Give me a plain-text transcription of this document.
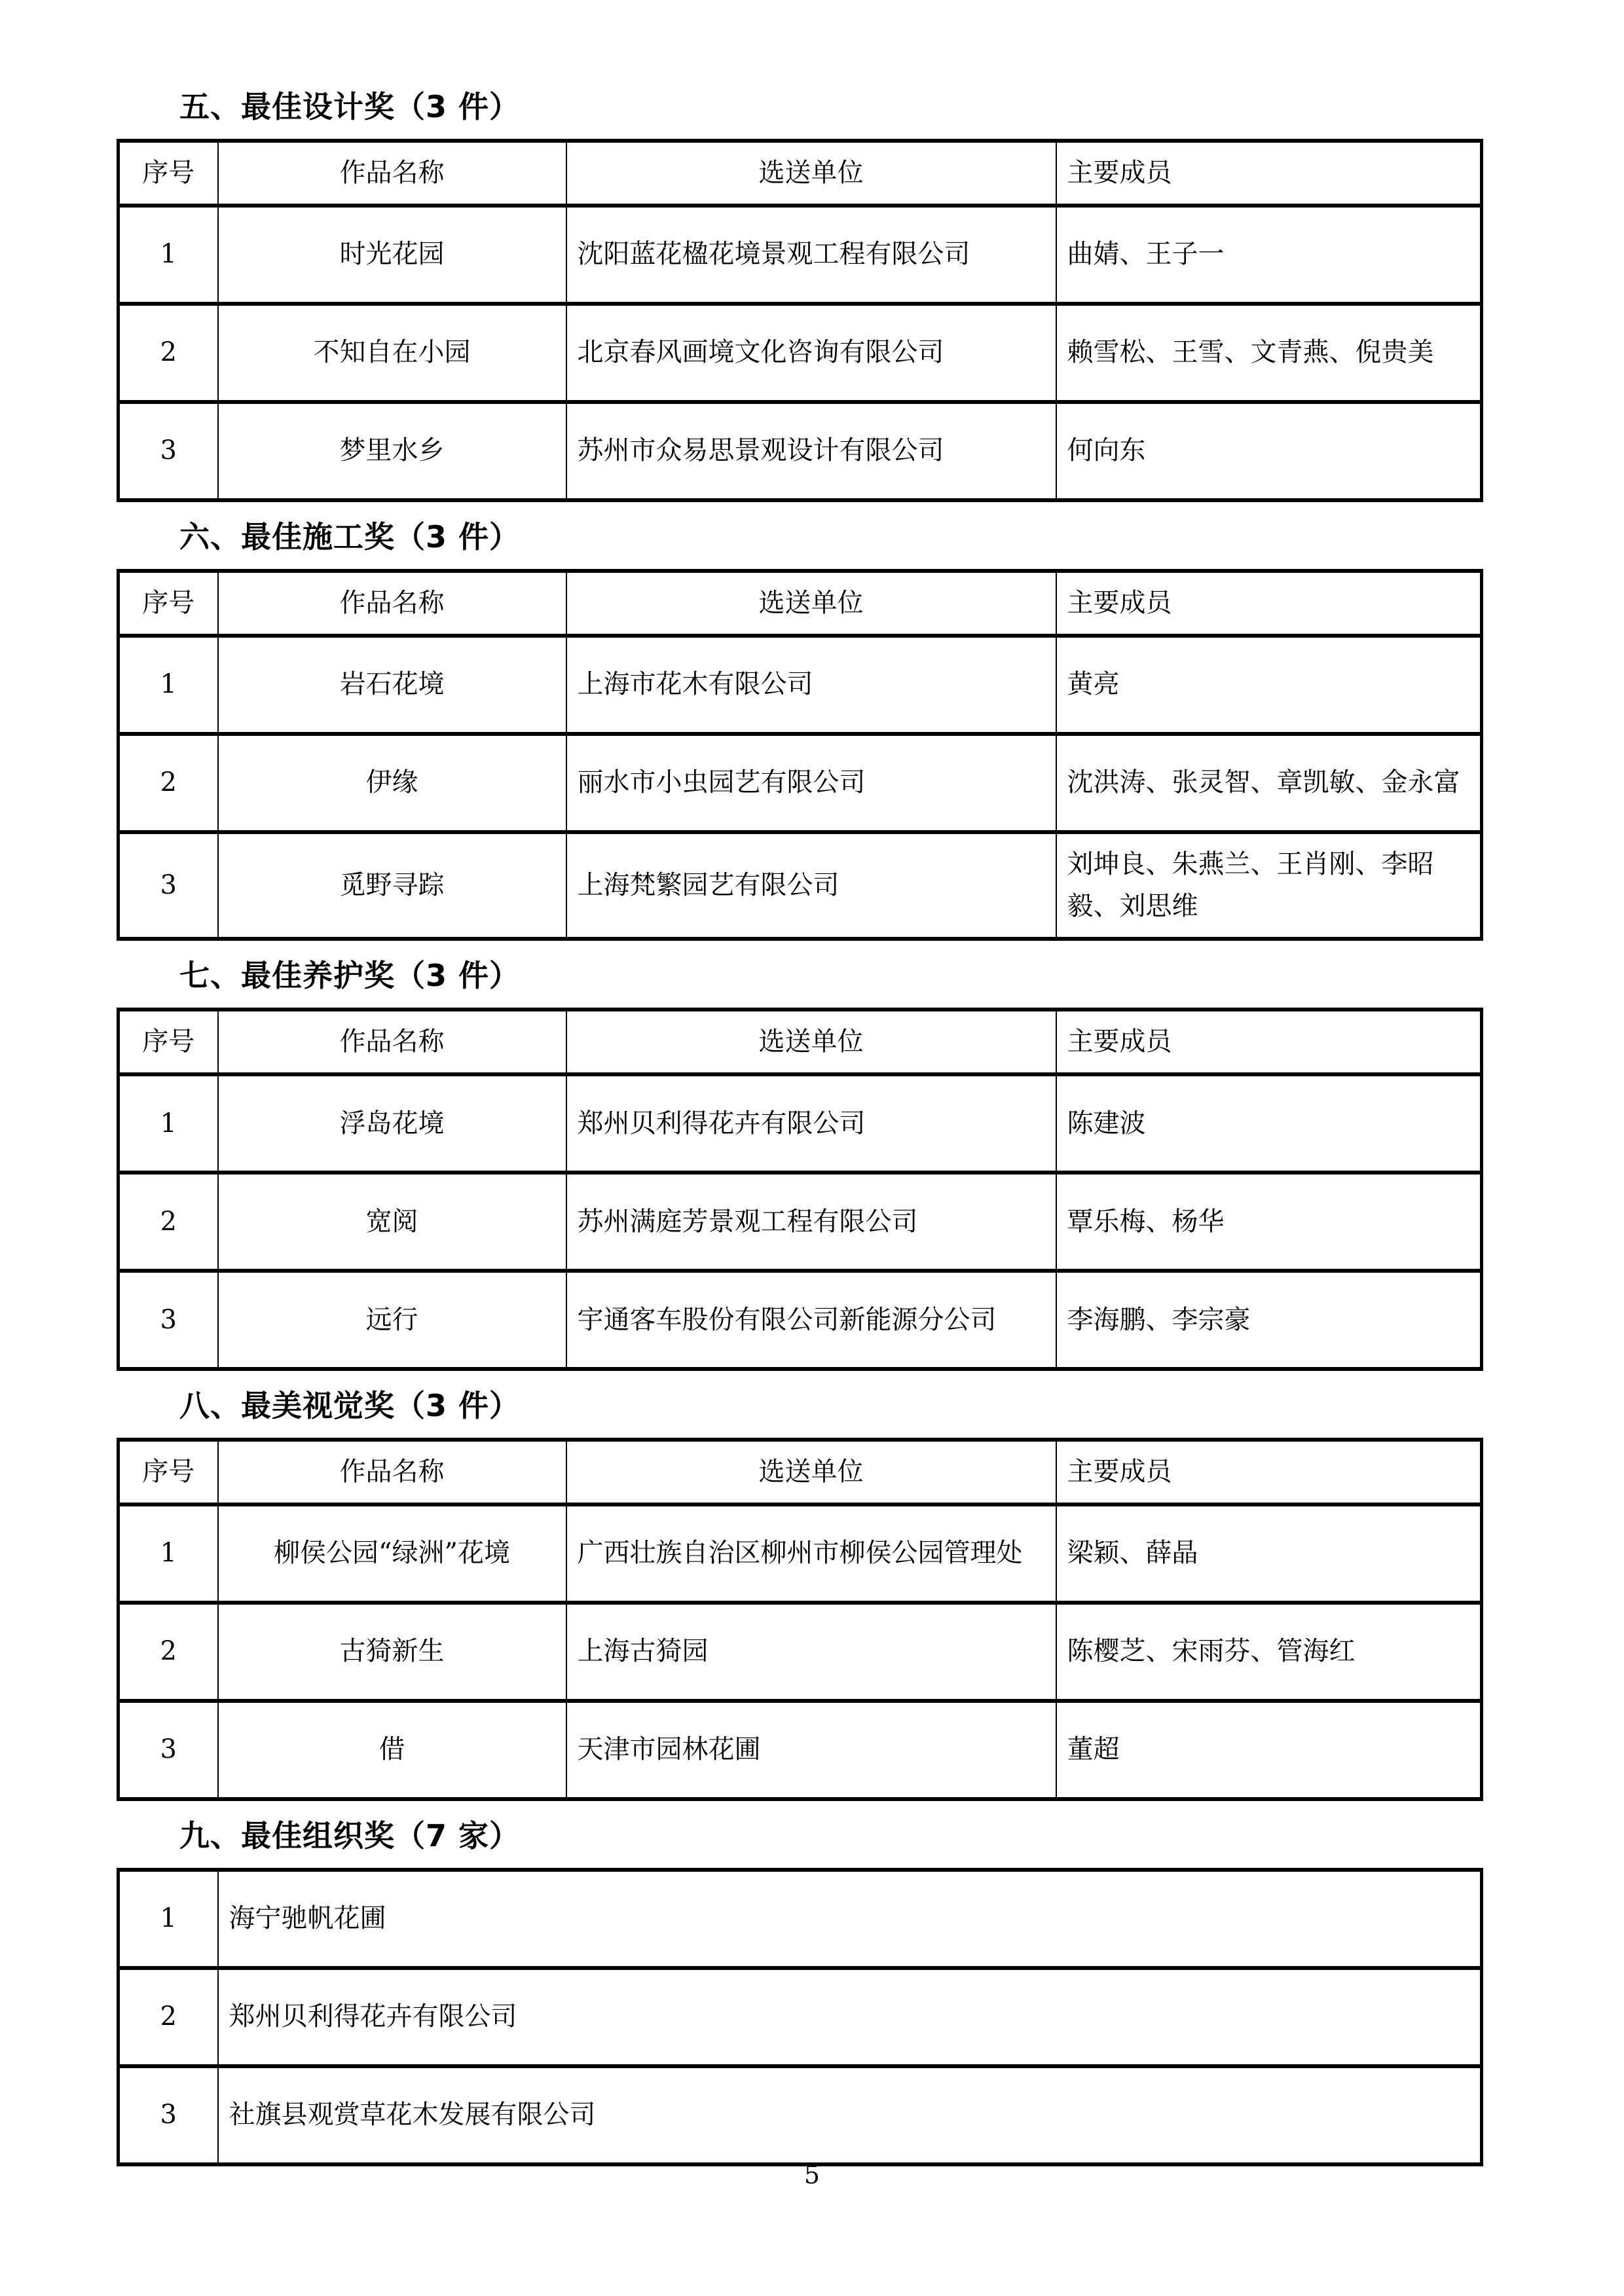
五、最佳设计奖（3 件）
序号	作品名称	选送单位	主要成员
1	时光花园	沈阳蓝花楹花境景观工程有限公司	曲婧、王子一
2	不知自在小园	北京春风画境文化咨询有限公司	赖雪松、王雪、文青燕、倪贵美
3	梦里水乡	苏州市众易思景观设计有限公司	何向东
六、最佳施工奖（3 件）
序号	作品名称	选送单位	主要成员
1	岩石花境	上海市花木有限公司	黄亮
2	伊缘	丽水市小虫园艺有限公司	沈洪涛、张灵智、章凯敏、金永富
3	觅野寻踪	上海梵繁园艺有限公司	刘坤良、朱燕兰、王肖刚、李昭毅、刘思维
七、最佳养护奖（3 件）
序号	作品名称	选送单位	主要成员
1	浮岛花境	郑州贝利得花卉有限公司	陈建波
2	宽阅	苏州满庭芳景观工程有限公司	覃乐梅、杨华
3	远行	宇通客车股份有限公司新能源分公司	李海鹏、李宗豪
八、最美视觉奖（3 件）
序号	作品名称	选送单位	主要成员
1	柳侯公园“绿洲”花境	广西壮族自治区柳州市柳侯公园管理处	梁颖、薛晶
2	古猗新生	上海古猗园	陈樱芝、宋雨芬、管海红
3	借	天津市园林花圃	董超
九、最佳组织奖（7 家）
1	海宁驰帆花圃
2	郑州贝利得花卉有限公司
3	社旗县观赏草花木发展有限公司
5
